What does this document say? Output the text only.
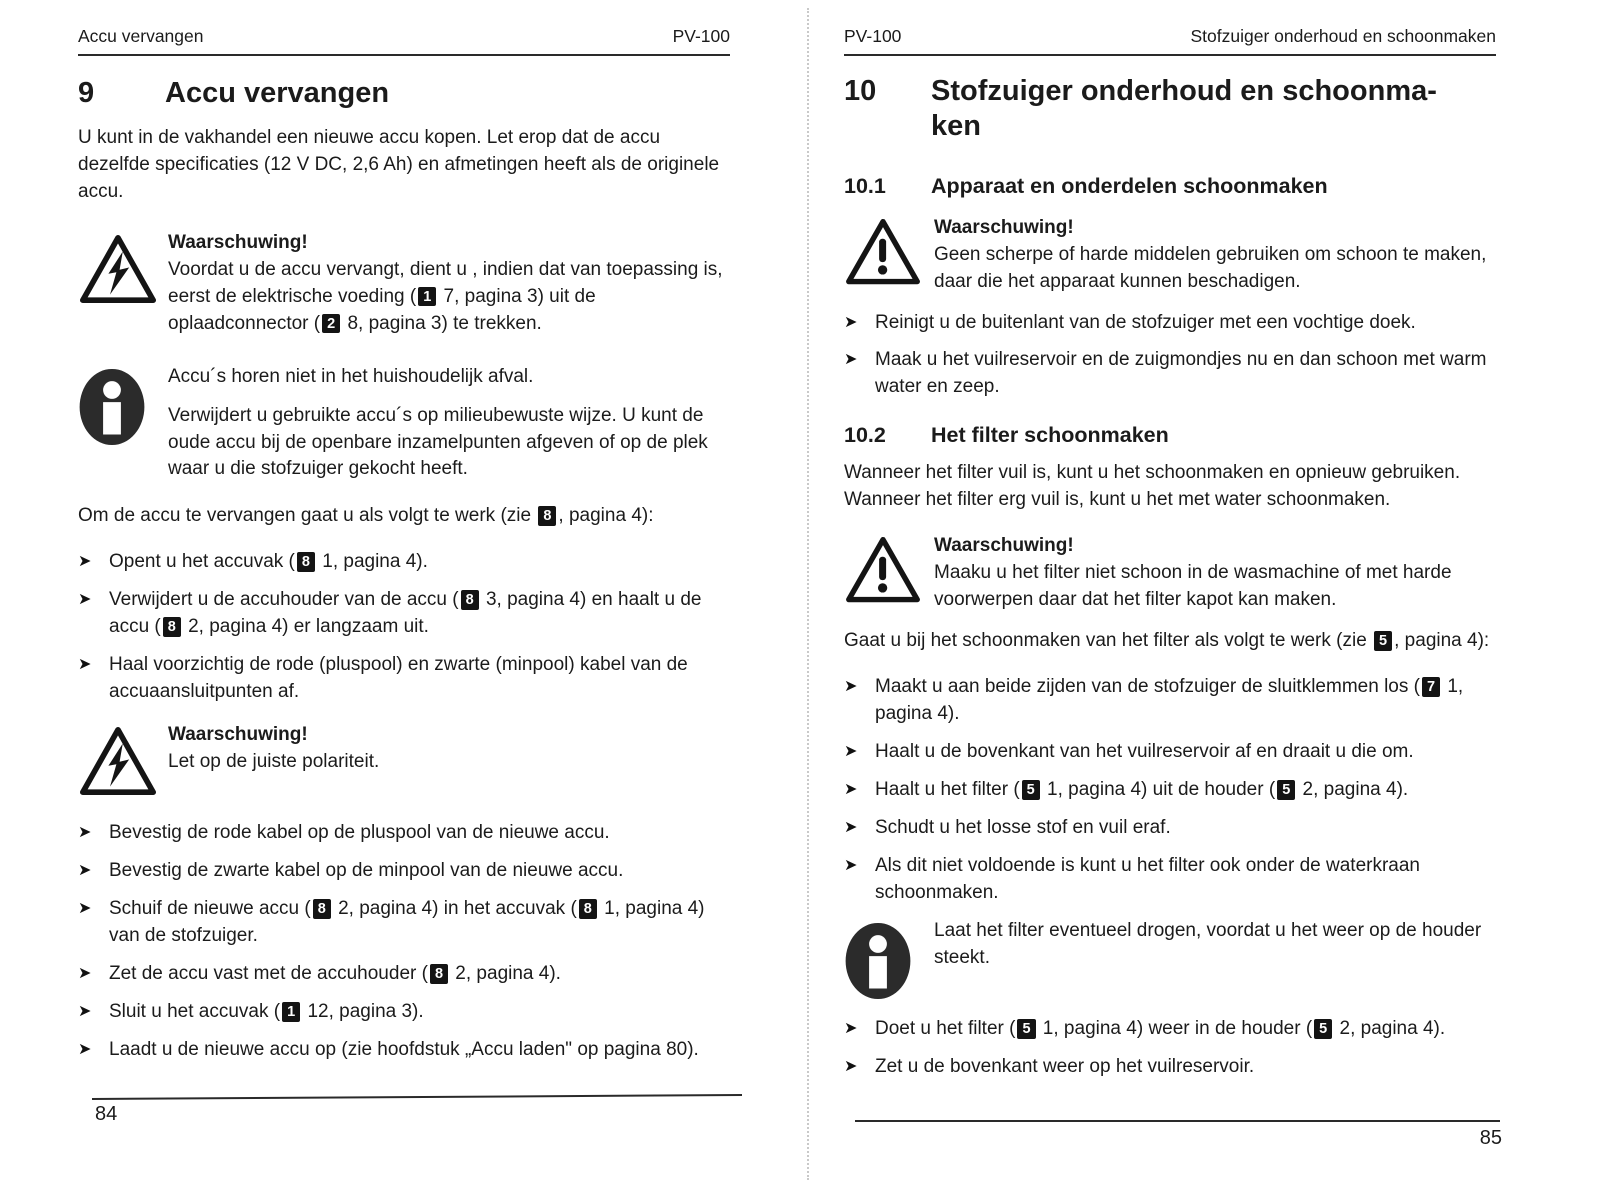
Accu vervangen	PV-100
9	Accu vervangen

U kunt in de vakhandel een nieuwe accu kopen. Let erop dat de accu dezelfde specificaties (12 V DC, 2,6 Ah) en afmetingen heeft als de originele accu.

Waarschuwing!
Voordat u de accu vervangt, dient u , indien dat van toepassing is, eerst de elektrische voeding ( 1 7, pagina 3) uit de oplaadconnector ( 2 8, pagina 3) te trekken.
Accu´s horen niet in het huishoudelijk afval.
Verwijdert u gebruikte accu´s op milieubewuste wijze. U kunt de oude accu bij de openbare inzamelpunten afgeven of op de plek waar u die stofzuiger gekocht heeft.

Om de accu te vervangen gaat u als volgt te werk (zie 8 , pagina 4):

➤ Opent u het accuvak ( 8 1, pagina 4).
➤ Verwijdert u de accuhouder van de accu ( 8 3, pagina 4) en haalt u de accu ( 8 2, pagina 4) er langzaam uit.
➤ Haal voorzichtig de rode (pluspool) en zwarte (minpool) kabel van de accuaansluitpunten af.
Waarschuwing!
Let op de juiste polariteit.
➤ Bevestig de rode kabel op de pluspool van de nieuwe accu.
➤ Bevestig de zwarte kabel op de minpool van de nieuwe accu.
➤ Schuif de nieuwe accu ( 8 2, pagina 4) in het accuvak ( 8 1, pagina 4) van de stofzuiger.
➤ Zet de accu vast met de accuhouder ( 8 2, pagina 4).
➤ Sluit u het accuvak ( 1 12, pagina 3).
➤ Laadt u de nieuwe accu op (zie hoofdstuk „Accu laden" op pagina 80).
PV-100	Stofzuiger onderhoud en schoonmaken
10	Stofzuiger onderhoud en schoonma-
ken
10.1	Apparaat en onderdelen schoonmaken
Waarschuwing!
Geen scherpe of harde middelen gebruiken om schoon te maken, daar die het apparaat kunnen beschadigen.
➤ Reinigt u de buitenlant van de stofzuiger met een vochtige doek.
➤ Maak u het vuilreservoir en de zuigmondjes nu en dan schoon met warm water en zeep.
10.2	Het filter schoonmaken

Wanneer het filter vuil is, kunt u het schoonmaken en opnieuw gebruiken. Wanneer het filter erg vuil is, kunt u het met water schoonmaken.

Waarschuwing!
Maaku u het filter niet schoon in de wasmachine of met harde voorwerpen daar dat het filter kapot kan maken.

Gaat u bij het schoonmaken van het filter als volgt te werk (zie 5 , pagina 4):

➤ Maakt u aan beide zijden van de stofzuiger de sluitklemmen los ( 7 1, pagina 4).
➤ Haalt u de bovenkant van het vuilreservoir af en draait u die om.
➤ Haalt u het filter ( 5 1, pagina 4) uit de houder ( 5 2, pagina 4).
➤ Schudt u het losse stof en vuil eraf.
➤ Als dit niet voldoende is kunt u het filter ook onder de waterkraan schoonmaken.
Laat het filter eventueel drogen, voordat u het weer op de houder steekt.
➤ Doet u het filter ( 5 1, pagina 4) weer in de houder ( 5 2, pagina 4).
➤ Zet u de bovenkant weer op het vuilreservoir.
84
85
